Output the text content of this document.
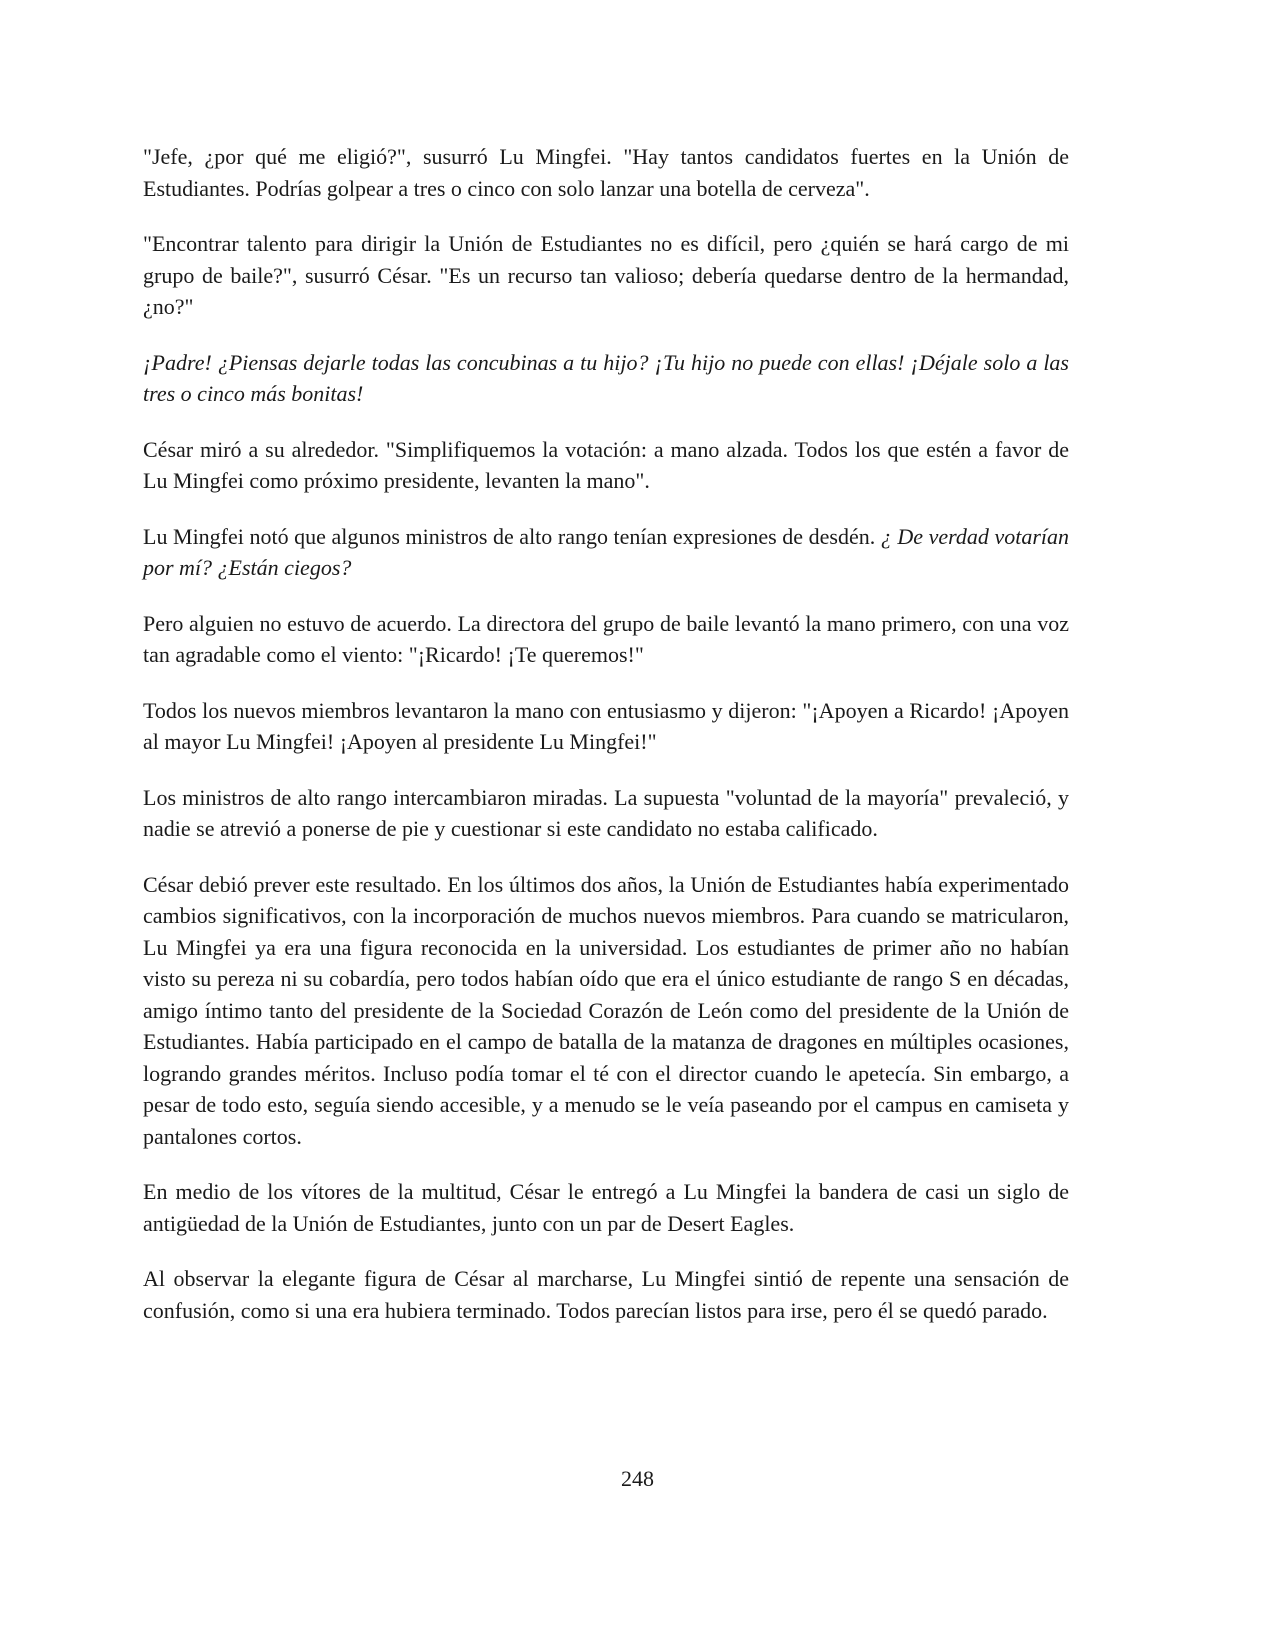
"Jefe, ¿por qué me eligió?", susurró Lu Mingfei. "Hay tantos candidatos fuertes en la Unión de Estudiantes. Podrías golpear a tres o cinco con solo lanzar una botella de cerveza".

"Encontrar talento para dirigir la Unión de Estudiantes no es difícil, pero ¿quién se hará cargo de mi grupo de baile?", susurró César. "Es un recurso tan valioso; debería quedarse dentro de la hermandad, ¿no?"

¡Padre! ¿Piensas dejarle todas las concubinas a tu hijo? ¡Tu hijo no puede con ellas! ¡Déjale solo a las tres o cinco más bonitas!

César miró a su alrededor. "Simplifiquemos la votación: a mano alzada. Todos los que estén a favor de Lu Mingfei como próximo presidente, levanten la mano".

Lu Mingfei notó que algunos ministros de alto rango tenían expresiones de desdén. ¿ De verdad votarían por mí? ¿Están ciegos?

Pero alguien no estuvo de acuerdo. La directora del grupo de baile levantó la mano primero, con una voz tan agradable como el viento: "¡Ricardo! ¡Te queremos!"

Todos los nuevos miembros levantaron la mano con entusiasmo y dijeron: "¡Apoyen a Ricardo! ¡Apoyen al mayor Lu Mingfei! ¡Apoyen al presidente Lu Mingfei!"

Los ministros de alto rango intercambiaron miradas. La supuesta "voluntad de la mayoría" prevaleció, y nadie se atrevió a ponerse de pie y cuestionar si este candidato no estaba calificado.

César debió prever este resultado. En los últimos dos años, la Unión de Estudiantes había experimentado cambios significativos, con la incorporación de muchos nuevos miembros. Para cuando se matricularon, Lu Mingfei ya era una figura reconocida en la universidad. Los estudiantes de primer año no habían visto su pereza ni su cobardía, pero todos habían oído que era el único estudiante de rango S en décadas, amigo íntimo tanto del presidente de la Sociedad Corazón de León como del presidente de la Unión de Estudiantes. Había participado en el campo de batalla de la matanza de dragones en múltiples ocasiones, logrando grandes méritos. Incluso podía tomar el té con el director cuando le apetecía. Sin embargo, a pesar de todo esto, seguía siendo accesible, y a menudo se le veía paseando por el campus en camiseta y pantalones cortos.

En medio de los vítores de la multitud, César le entregó a Lu Mingfei la bandera de casi un siglo de antigüedad de la Unión de Estudiantes, junto con un par de Desert Eagles.

Al observar la elegante figura de César al marcharse, Lu Mingfei sintió de repente una sensación de confusión, como si una era hubiera terminado. Todos parecían listos para irse, pero él se quedó parado.

248
